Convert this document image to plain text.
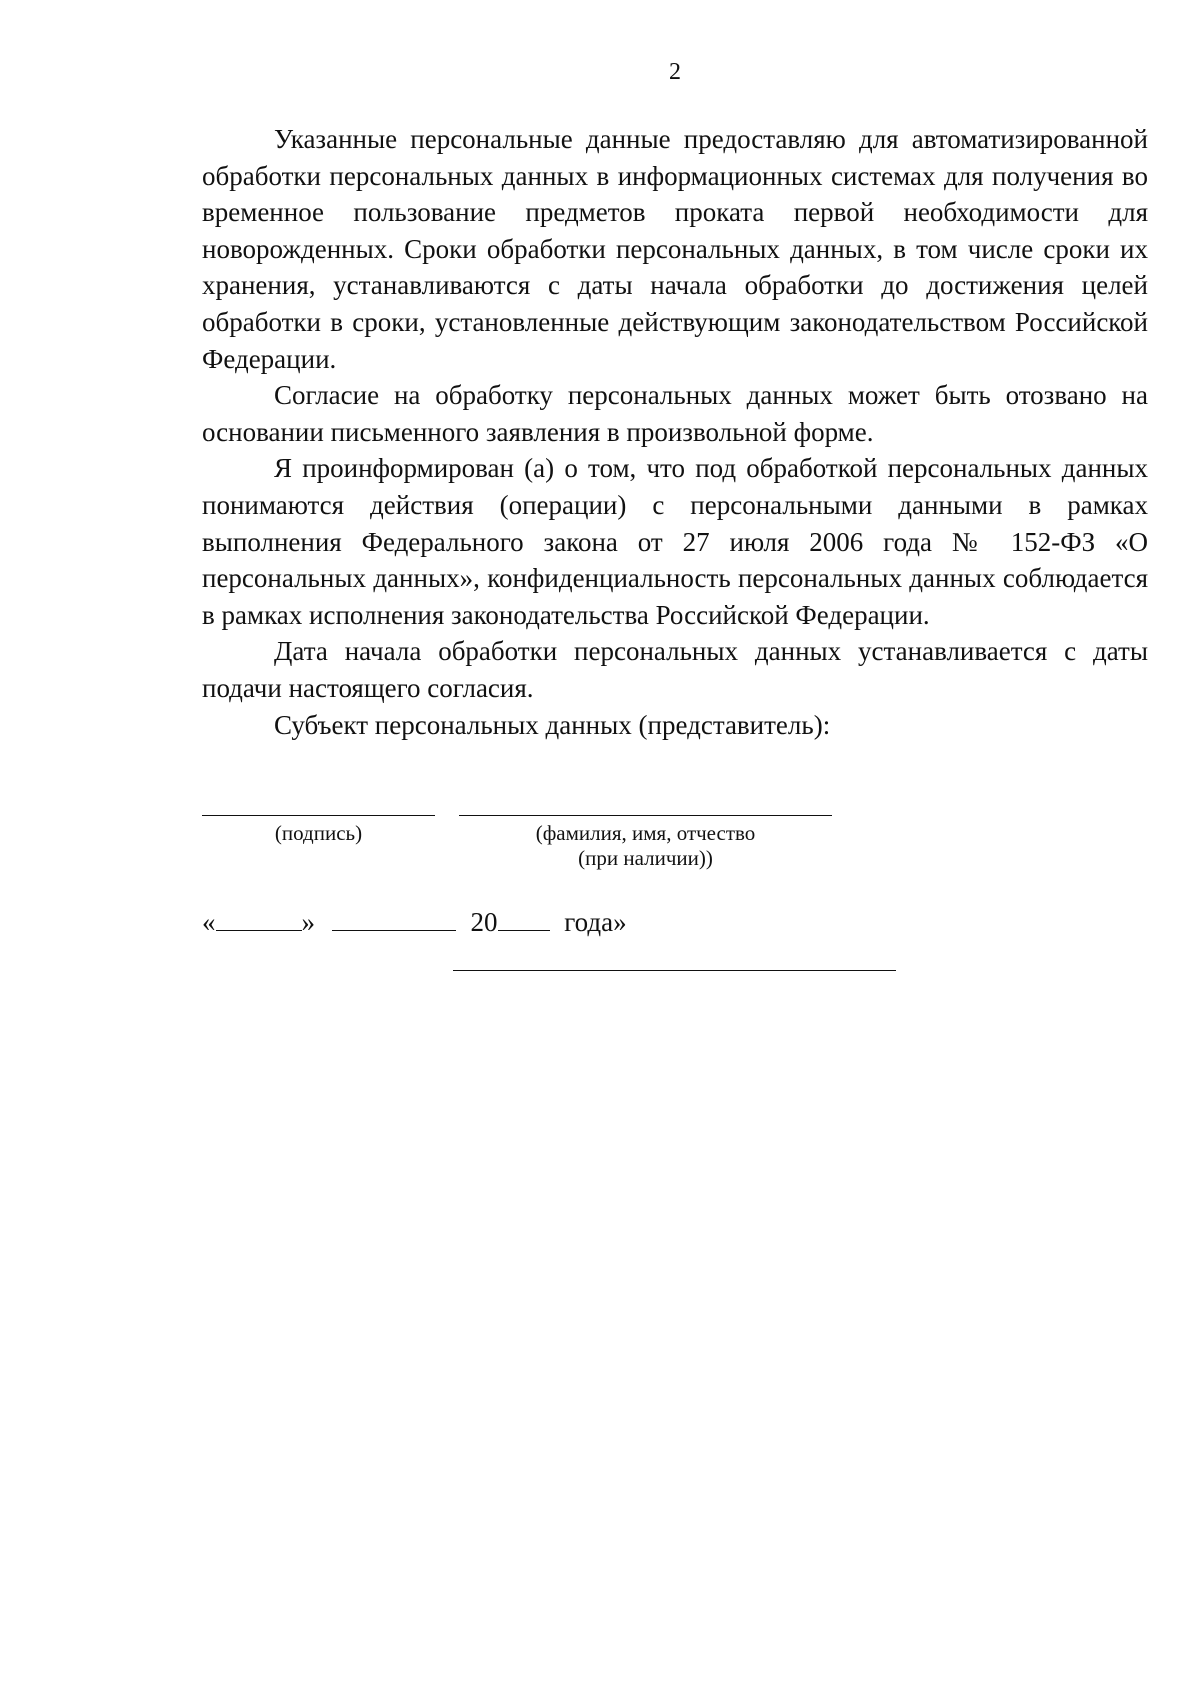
2

Указанные персональные данные предоставляю для автоматизированной обработки персональных данных в информационных системах для получения во временное пользование предметов проката первой необходимости для новорожденных. Сроки обработки персональных данных, в том числе сроки их хранения, устанавливаются с даты начала обработки до достижения целей обработки в сроки, установленные действующим законодательством Российской Федерации.

Согласие на обработку персональных данных может быть отозвано на основании письменного заявления в произвольной форме.

Я проинформирован (а) о том, что под обработкой персональных данных понимаются действия (операции) с персональными данными в рамках выполнения Федерального закона от 27 июля 2006 года № 152-ФЗ «О персональных данных», конфиденциальность персональных данных соблюдается в рамках исполнения законодательства Российской Федерации.

Дата начала обработки персональных данных устанавливается с даты подачи настоящего согласия.

Субъект персональных данных (представитель):

(подпись)	(фамилия, имя, отчество
(при наличии))
«	»	20 года»
